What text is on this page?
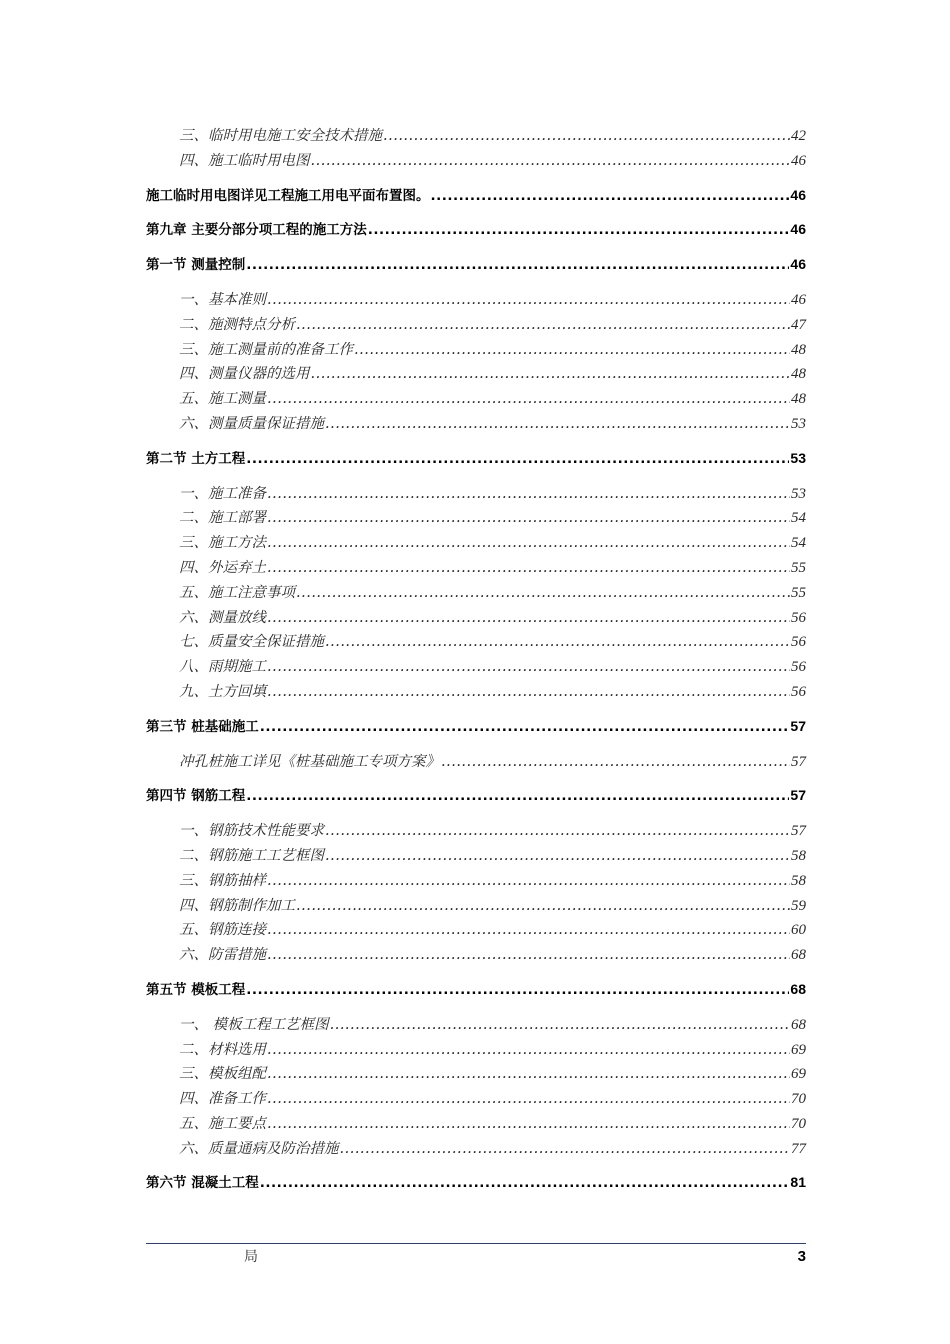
三、临时用电施工安全技术措施 .....	42
四、施工临时用电图 .....	46
施工临时用电图详见工程施工用电平面布置图。 .....	46
第九章 主要分部分项工程的施工方法 .....	46
第一节 测量控制 .....	46
一、基本准则 .....	46
二、施测特点分析 .....	47
三、施工测量前的准备工作 .....	48
四、测量仪器的选用 .....	48
五、施工测量 .....	48
六、测量质量保证措施 .....	53
第二节 土方工程 .....	53
一、施工准备 .....	53
二、施工部署 .....	54
三、施工方法 .....	54
四、外运弃土 .....	55
五、施工注意事项 .....	55
六、测量放线 .....	56
七、质量安全保证措施 .....	56
八、雨期施工 .....	56
九、土方回填 .....	56
第三节 桩基础施工 .....	57
冲孔桩施工详见《桩基础施工专项方案》 .....	57
第四节 钢筋工程 .....	57
一、钢筋技术性能要求 .....	57
二、钢筋施工工艺框图 .....	58
三、钢筋抽样 .....	58
四、钢筋制作加工 .....	59
五、钢筋连接 .....	60
六、防雷措施 .....	68
第五节 模板工程 .....	68
一、 模板工程工艺框图 .....	68
二、材料选用 .....	69
三、模板组配 .....	69
四、准备工作 .....	70
五、施工要点 .....	70
六、质量通病及防治措施 .....	77
第六节 混凝土工程 .....	81
局	3
